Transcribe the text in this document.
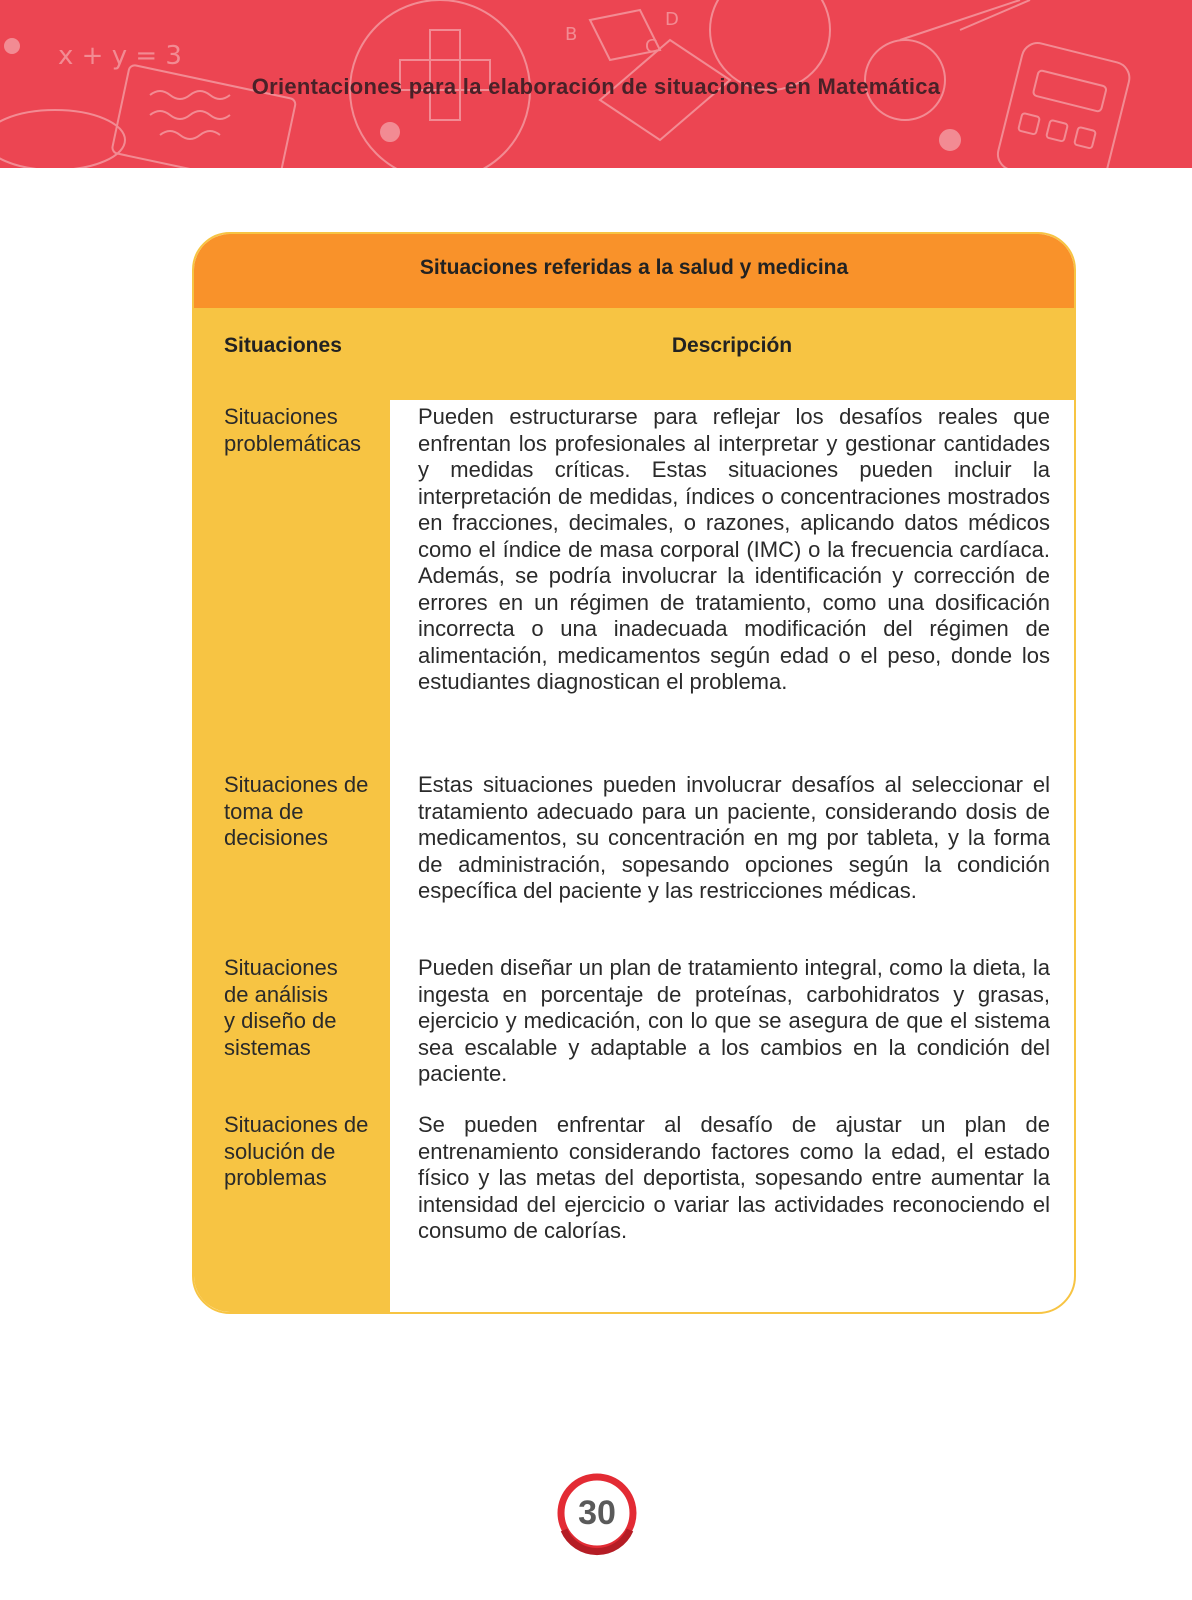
x + y = 3
B
D
C
Orientaciones para la elaboración de situaciones en Matemática
Situaciones referidas a la salud y medicina
Situaciones	Descripción
Situaciones problemáticas
Pueden estructurarse para reflejar los desafíos reales que enfrentan los profesionales al interpretar y gestionar cantidades y medidas críticas. Estas situaciones pueden incluir la interpretación de medidas, índices o concentraciones mostrados en fracciones, decimales, o razones, aplicando datos médicos como el índice de masa corporal (IMC) o la frecuencia cardíaca. Además, se podría involucrar la identificación y corrección de errores en un régimen de tratamiento, como una dosificación incorrecta o una inadecuada modificación del régimen de alimentación, medicamentos según edad o el peso, donde los estudiantes diagnostican el problema.
Situaciones de toma de decisiones
Estas situaciones pueden involucrar desafíos al seleccionar el tratamiento adecuado para un paciente, considerando dosis de medicamentos, su concentración en mg por tableta, y la forma de administración, sopesando opciones según la condición específica del paciente y las restricciones médicas.
Situaciones de análisis y diseño de sistemas
Pueden diseñar un plan de tratamiento integral, como la dieta, la ingesta en porcentaje de proteínas, carbohidratos y grasas, ejercicio y medicación, con lo que se asegura de que el sistema sea escalable y adaptable a los cambios en la condición del paciente.
Situaciones de solución de problemas
Se pueden enfrentar al desafío de ajustar un plan de entrenamiento considerando factores como la edad, el estado físico y las metas del deportista, sopesando entre aumentar la intensidad del ejercicio o variar las actividades reconociendo el consumo de calorías.
30
